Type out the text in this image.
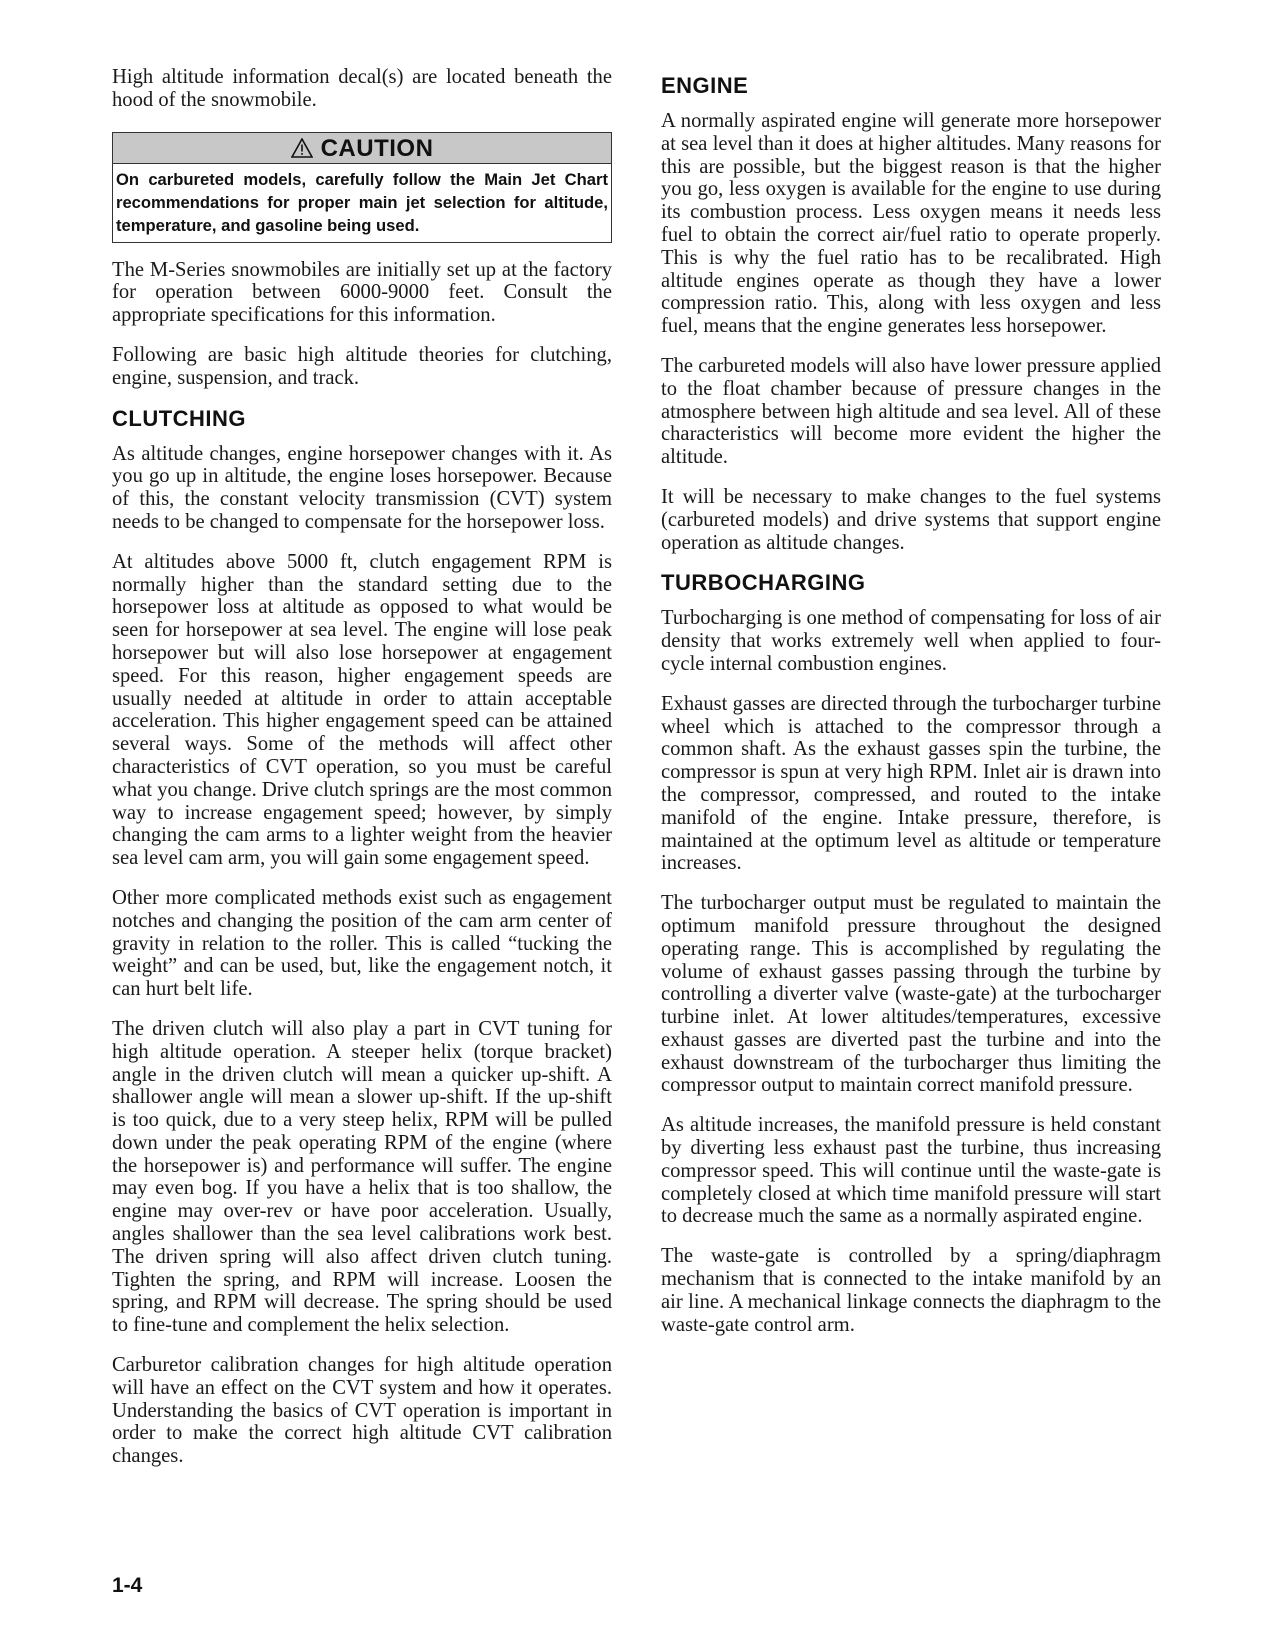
High altitude information decal(s) are located beneath the hood of the snowmobile.

CAUTION
On carbureted models, carefully follow the Main Jet Chart recommendations for proper main jet selection for altitude, temperature, and gasoline being used.

The M-Series snowmobiles are initially set up at the factory for operation between 6000-9000 feet. Consult the appropriate specifications for this information.

Following are basic high altitude theories for clutching, engine, suspension, and track.

CLUTCHING

As altitude changes, engine horsepower changes with it. As you go up in altitude, the engine loses horsepower. Because of this, the constant velocity transmission (CVT) system needs to be changed to compensate for the horsepower loss.

At altitudes above 5000 ft, clutch engagement RPM is normally higher than the standard setting due to the horsepower loss at altitude as opposed to what would be seen for horsepower at sea level. The engine will lose peak horsepower but will also lose horsepower at engagement speed. For this reason, higher engagement speeds are usually needed at altitude in order to attain acceptable acceleration. This higher engagement speed can be attained several ways. Some of the methods will affect other characteristics of CVT operation, so you must be careful what you change. Drive clutch springs are the most common way to increase engagement speed; however, by simply changing the cam arms to a lighter weight from the heavier sea level cam arm, you will gain some engagement speed.

Other more complicated methods exist such as engagement notches and changing the position of the cam arm center of gravity in relation to the roller. This is called “tucking the weight” and can be used, but, like the engagement notch, it can hurt belt life.

The driven clutch will also play a part in CVT tuning for high altitude operation. A steeper helix (torque bracket) angle in the driven clutch will mean a quicker up-shift. A shallower angle will mean a slower up-shift. If the up-shift is too quick, due to a very steep helix, RPM will be pulled down under the peak operating RPM of the engine (where the horsepower is) and performance will suffer. The engine may even bog. If you have a helix that is too shallow, the engine may over-rev or have poor acceleration. Usually, angles shallower than the sea level calibrations work best. The driven spring will also affect driven clutch tuning. Tighten the spring, and RPM will increase. Loosen the spring, and RPM will decrease. The spring should be used to fine-tune and complement the helix selection.

Carburetor calibration changes for high altitude operation will have an effect on the CVT system and how it operates. Understanding the basics of CVT operation is important in order to make the correct high altitude CVT calibration changes.

ENGINE

A normally aspirated engine will generate more horsepower at sea level than it does at higher altitudes. Many reasons for this are possible, but the biggest reason is that the higher you go, less oxygen is available for the engine to use during its combustion process. Less oxygen means it needs less fuel to obtain the correct air/fuel ratio to operate properly. This is why the fuel ratio has to be recalibrated. High altitude engines operate as though they have a lower compression ratio. This, along with less oxygen and less fuel, means that the engine generates less horsepower.

The carbureted models will also have lower pressure applied to the float chamber because of pressure changes in the atmosphere between high altitude and sea level. All of these characteristics will become more evident the higher the altitude.

It will be necessary to make changes to the fuel systems (carbureted models) and drive systems that support engine operation as altitude changes.

TURBOCHARGING

Turbocharging is one method of compensating for loss of air density that works extremely well when applied to four-cycle internal combustion engines.

Exhaust gasses are directed through the turbocharger turbine wheel which is attached to the compressor through a common shaft. As the exhaust gasses spin the turbine, the compressor is spun at very high RPM. Inlet air is drawn into the compressor, compressed, and routed to the intake manifold of the engine. Intake pressure, therefore, is maintained at the optimum level as altitude or temperature increases.

The turbocharger output must be regulated to maintain the optimum manifold pressure throughout the designed operating range. This is accomplished by regulating the volume of exhaust gasses passing through the turbine by controlling a diverter valve (waste-gate) at the turbocharger turbine inlet. At lower altitudes/temperatures, excessive exhaust gasses are diverted past the turbine and into the exhaust downstream of the turbocharger thus limiting the compressor output to maintain correct manifold pressure.

As altitude increases, the manifold pressure is held constant by diverting less exhaust past the turbine, thus increasing compressor speed. This will continue until the waste-gate is completely closed at which time manifold pressure will start to decrease much the same as a normally aspirated engine.

The waste-gate is controlled by a spring/diaphragm mechanism that is connected to the intake manifold by an air line. A mechanical linkage connects the diaphragm to the waste-gate control arm.

1-4
